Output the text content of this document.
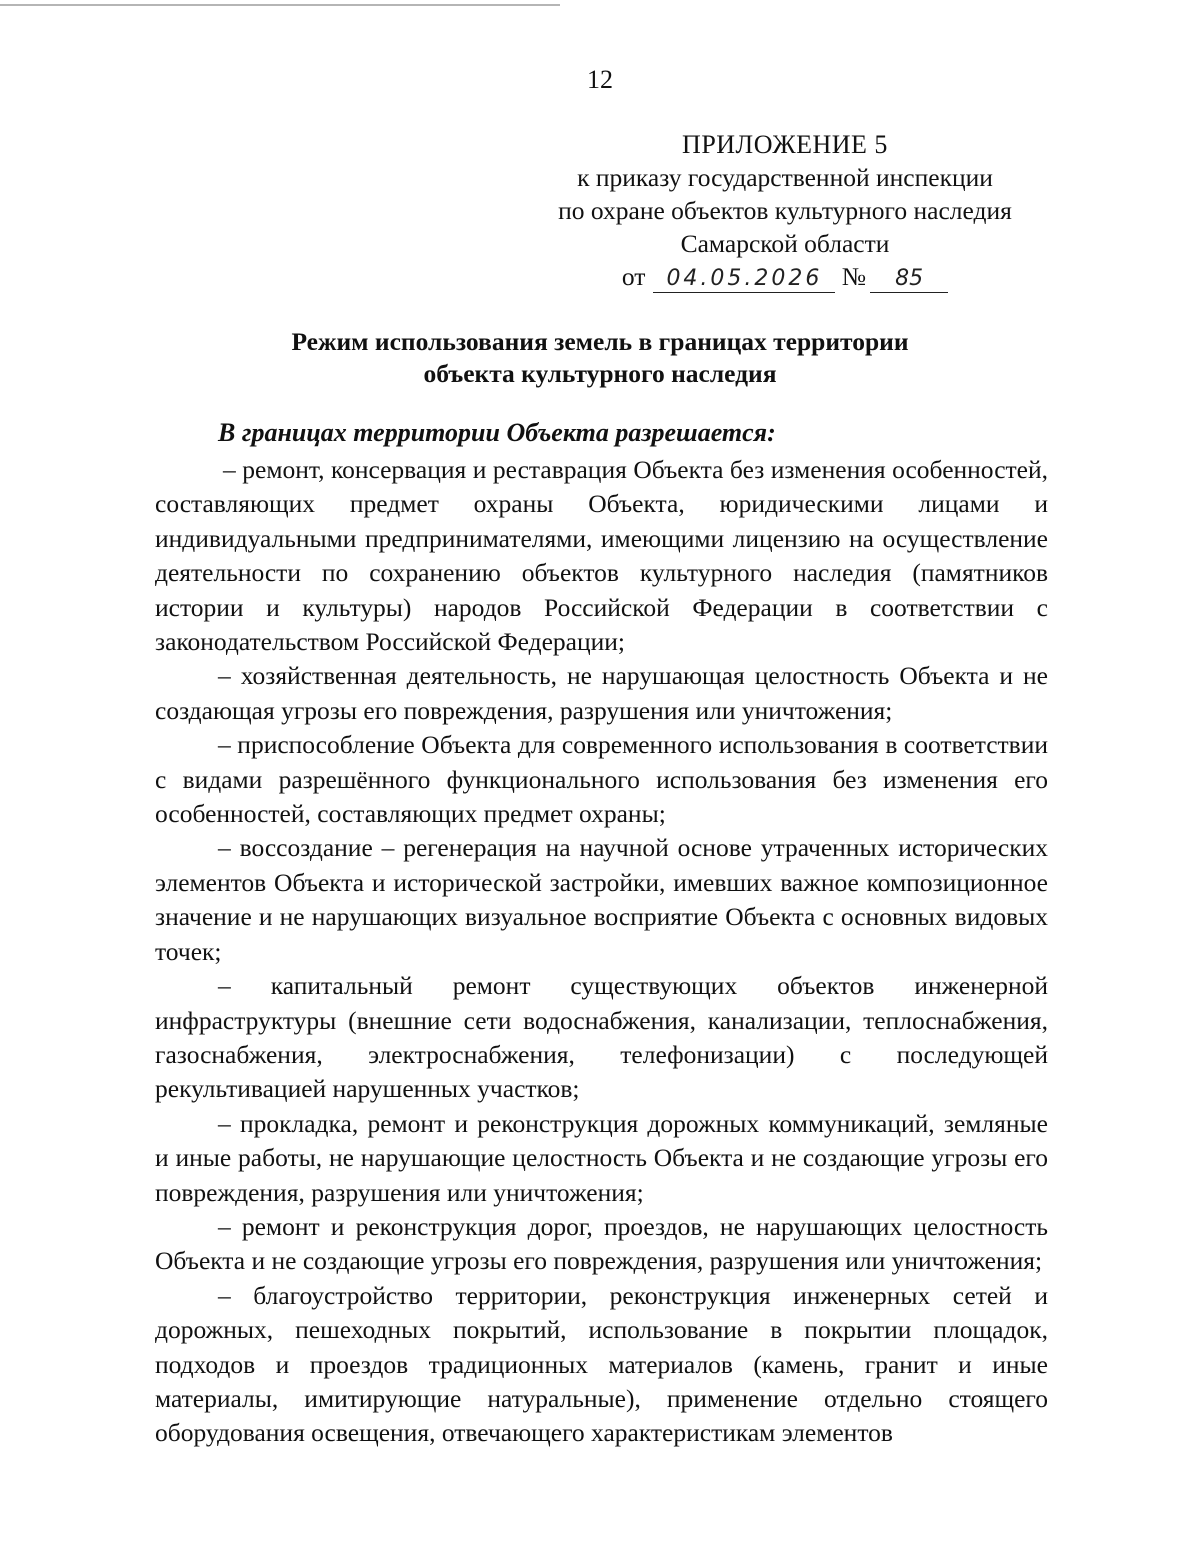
12
ПРИЛОЖЕНИЕ 5
к приказу государственной инспекции
по охране объектов культурного наследия
Самарской области
от 04.05.2026 № 85
Режим использования земель в границах территории
объекта культурного наследия

В границах территории Объекта разрешается:

– ремонт, консервация и реставрация Объекта без изменения особенностей, составляющих предмет охраны Объекта, юридическими лицами и индивидуальными предпринимателями, имеющими лицензию на осуществление деятельности по сохранению объектов культурного наследия (памятников истории и культуры) народов Российской Федерации в соответствии с законодательством Российской Федерации;

– хозяйственная деятельность, не нарушающая целостность Объекта и не создающая угрозы его повреждения, разрушения или уничтожения;

– приспособление Объекта для современного использования в соответствии с видами разрешённого функционального использования без изменения его особенностей, составляющих предмет охраны;

– воссоздание – регенерация на научной основе утраченных исторических элементов Объекта и исторической застройки, имевших важное композиционное значение и не нарушающих визуальное восприятие Объекта с основных видовых точек;

– капитальный ремонт существующих объектов инженерной инфраструктуры (внешние сети водоснабжения, канализации, теплоснабжения, газоснабжения, электроснабжения, телефонизации) с последующей рекультивацией нарушенных участков;

– прокладка, ремонт и реконструкция дорожных коммуникаций, земляные и иные работы, не нарушающие целостность Объекта и не создающие угрозы его повреждения, разрушения или уничтожения;

– ремонт и реконструкция дорог, проездов, не нарушающих целостность Объекта и не создающие угрозы его повреждения, разрушения или уничтожения;

– благоустройство территории, реконструкция инженерных сетей и дорожных, пешеходных покрытий, использование в покрытии площадок, подходов и проездов традиционных материалов (камень, гранит и иные материалы, имитирующие натуральные), применение отдельно стоящего оборудования освещения, отвечающего характеристикам элементов
